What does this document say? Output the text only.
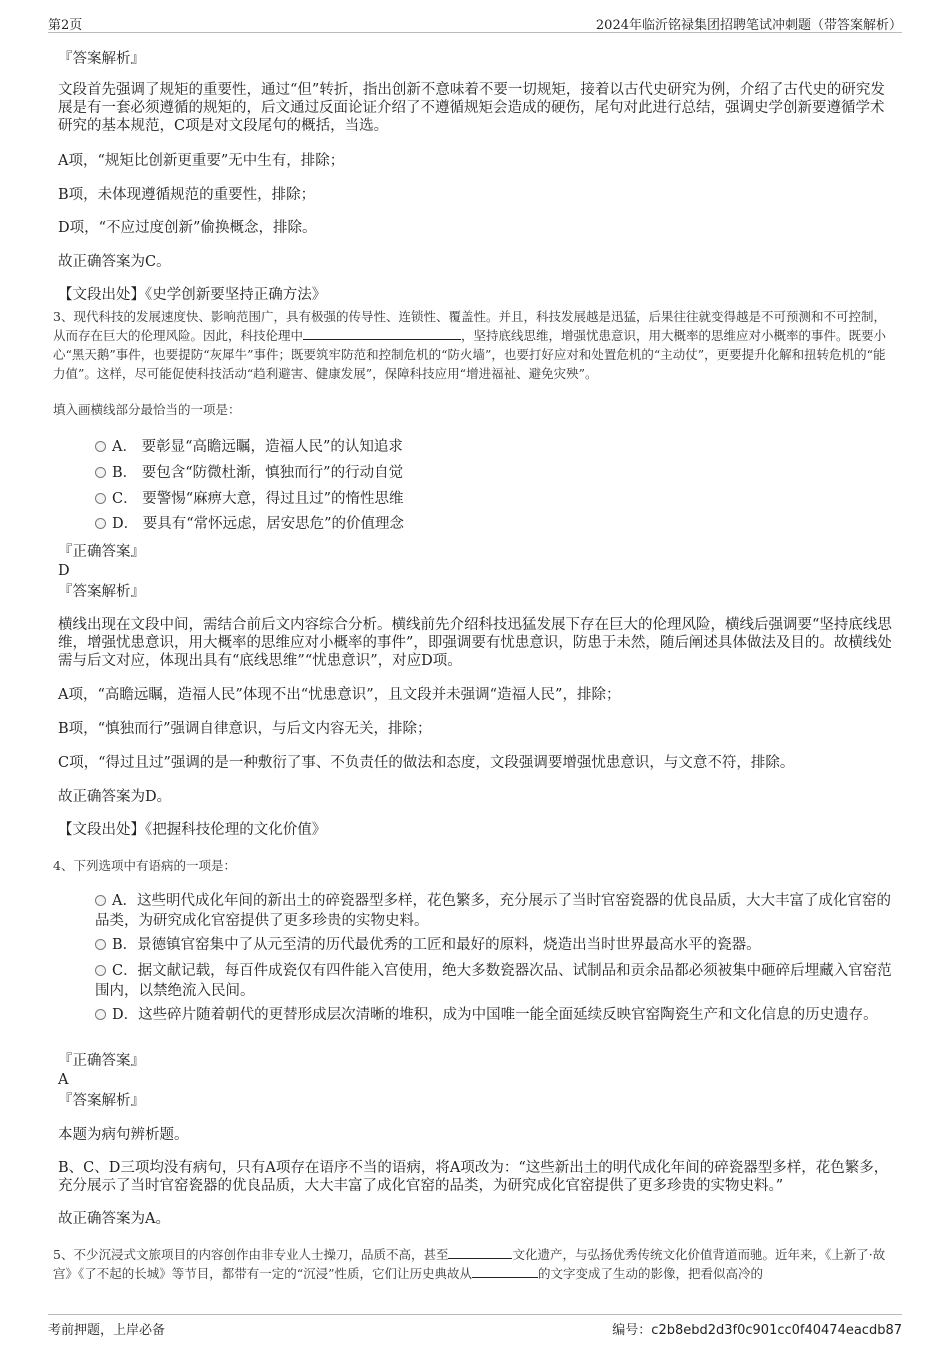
第2页	2024年临沂铭禄集团招聘笔试冲刺题（带答案解析）

『答案解析』

文段首先强调了规矩的重要性，通过“但”转折，指出创新不意味着不要一切规矩，接着以古代史研究为例，介绍了古代史的研究发展是有一套必须遵循的规矩的，后文通过反面论证介绍了不遵循规矩会造成的硬伤，尾句对此进行总结，强调史学创新要遵循学术研究的基本规范，C项是对文段尾句的概括，当选。

A项，“规矩比创新更重要”无中生有，排除；

B项，未体现遵循规范的重要性，排除；

D项，“不应过度创新”偷换概念，排除。

故正确答案为C。

【文段出处】《史学创新要坚持正确方法》

3、现代科技的发展速度快、影响范围广，具有极强的传导性、连锁性、覆盖性。并且，科技发展越是迅猛，后果往往就变得越是不可预测和不可控制，从而存在巨大的伦理风险。因此，科技伦理中	，坚持底线思维，增强忧患意识，用大概率的思维应对小概率的事件。既要小心“黑天鹅”事件，也要提防“灰犀牛”事件；既要筑牢防范和控制危机的“防火墙”，也要打好应对和处置危机的“主动仗”，更要提升化解和扭转危机的“能力值”。这样，尽可能促使科技活动“趋利避害、健康发展”，保障科技应用“增进福祉、避免灾殃”。

填入画横线部分最恰当的一项是：

A． 要彰显“高瞻远瞩，造福人民”的认知追求
B． 要包含“防微杜渐，慎独而行”的行动自觉
C． 要警惕“麻痹大意，得过且过”的惰性思维
D． 要具有“常怀远虑，居安思危”的价值理念

『正确答案』

D

『答案解析』

横线出现在文段中间，需结合前后文内容综合分析。横线前先介绍科技迅猛发展下存在巨大的伦理风险，横线后强调要“坚持底线思维，增强忧患意识，用大概率的思维应对小概率的事件”，即强调要有忧患意识，防患于未然，随后阐述具体做法及目的。故横线处需与后文对应，体现出具有“底线思维”“忧患意识”，对应D项。

A项，“高瞻远瞩，造福人民”体现不出“忧患意识”，且文段并未强调“造福人民”，排除；

B项，“慎独而行”强调自律意识，与后文内容无关，排除；

C项，“得过且过”强调的是一种敷衍了事、不负责任的做法和态度，文段强调要增强忧患意识，与文意不符，排除。

故正确答案为D。

【文段出处】《把握科技伦理的文化价值》

4、下列选项中有语病的一项是：

A．这些明代成化年间的新出土的碎瓷器型多样，花色繁多，充分展示了当时官窑瓷器的优良品质，大大丰富了成化官窑的品类，为研究成化官窑提供了更多珍贵的实物史料。
B．景德镇官窑集中了从元至清的历代最优秀的工匠和最好的原料，烧造出当时世界最高水平的瓷器。
C．据文献记载，每百件成瓷仅有四件能入宫使用，绝大多数瓷器次品、试制品和贡余品都必须被集中砸碎后埋藏入官窑范围内，以禁绝流入民间。
D．这些碎片随着朝代的更替形成层次清晰的堆积，成为中国唯一能全面延续反映官窑陶瓷生产和文化信息的历史遗存。

『正确答案』

A

『答案解析』

本题为病句辨析题。

B、C、D三项均没有病句，只有A项存在语序不当的语病，将A项改为：“这些新出土的明代成化年间的碎瓷器型多样，花色繁多，充分展示了当时官窑瓷器的优良品质，大大丰富了成化官窑的品类，为研究成化官窑提供了更多珍贵的实物史料。”

故正确答案为A。

5、不少沉浸式文旅项目的内容创作由非专业人士操刀，品质不高，甚至	文化遗产，与弘扬优秀传统文化价值背道而驰。近年来，《上新了·故宫》《了不起的长城》等节目，都带有一定的“沉浸”性质，它们让历史典故从	的文字变成了生动的影像，把看似高冷的

考前押题，上岸必备	编号：c2b8ebd2d3f0c901cc0f40474eacdb87
